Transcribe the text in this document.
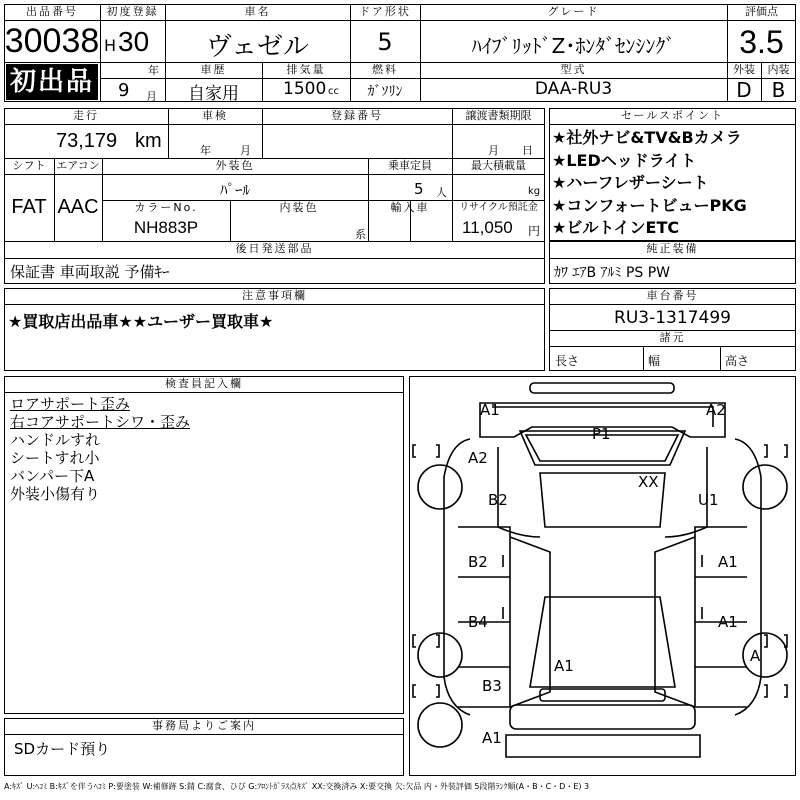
出品番号
30038
初出品
初度登録
H 30
年
9 月
車名
ヴェゼル
ドア形状
5
グレード
ﾊｲﾌﾞﾘｯﾄﾞZ･ﾎﾝﾀﾞｾﾝｼﾝｸﾞ
評価点
3.5
車歴
自家用
排気量
1500 cc
燃料
ｶﾞｿﾘﾝ
型式
DAA-RU3
外装	内装
D B
走行
73,179 km
車検
年	月
登録番号	譲渡書類期限
月 日
シフト
FAT
エアコン
AAC
外装色
ﾊﾟｰﾙ
乗車定員
5 人
最大積載量
kg
カラーNo.
NH883P
内装色
系
輸入車	リサイクル預託金
11,050 円
後日発送部品
保証書 車両取説 予備ｷｰ
セールスポイント
★社外ナビ&TV&Bカメラ
★LEDヘッドライト
★ハーフレザーシート
★コンフォートビューPKG
★ビルトインETC
純正装備
ｶﾜ ｴｱB ｱﾙﾐ PS PW
注意事項欄
★買取店出品車★★ユーザー買取車★
車台番号
RU3-1317499
諸元
長さ	幅	高さ
検査員記入欄
ロアサポート歪み
右コアサポートシワ・歪み
ハンドルすれ
シートすれ小
バンパー下A
外装小傷有り
事務局よりご案内
SDカード預り
A1	A2
P1
A2
XX
B2	U1
B2	A1
B4	A1
A
A1
B3
A1
A:ｷｽﾞ U:ﾍｺﾐ B:ｷｽﾞを伴うﾍｺﾐ P:要塗装 W:補修跡 S:錆 C:腐食、ひび G:ﾌﾛﾝﾄｶﾞﾗｽ点ｷｽﾞ XX:交換済み X:要交換 欠:欠品 内・外装評価 5段階ﾗﾝｸ順(A・B・C・D・E) 3
